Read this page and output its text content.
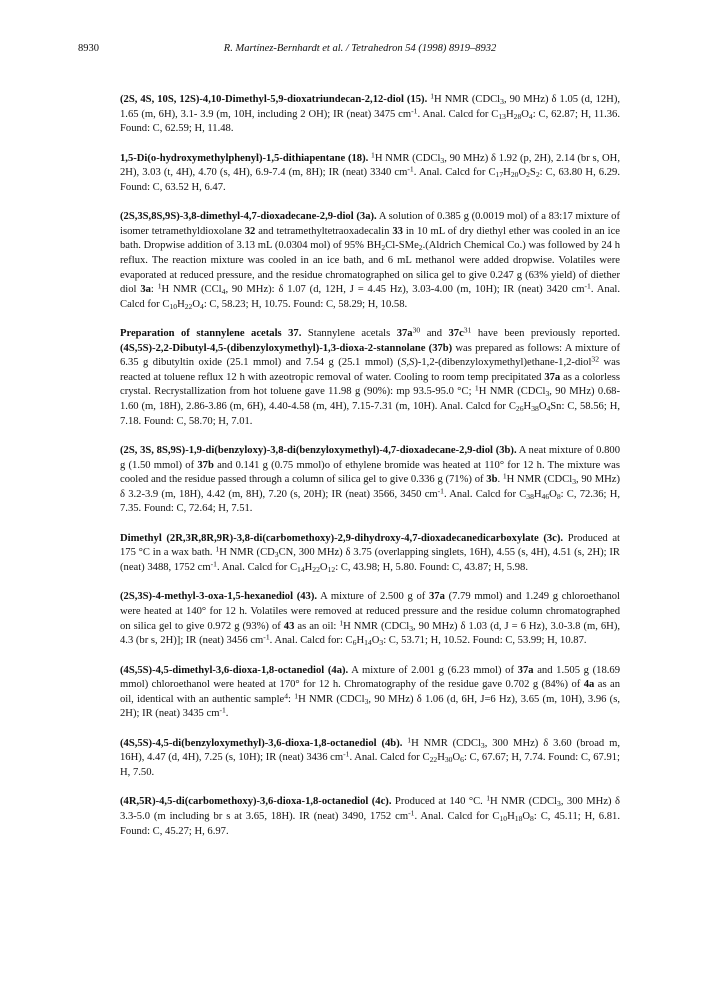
8930	R. Martínez-Bernhardt et al. / Tetrahedron 54 (1998) 8919–8932

(2S, 4S, 10S, 12S)-4,10-Dimethyl-5,9-dioxatriundecan-2,12-diol (15). $^1$H NMR (CDCl$_3$, 90 MHz) δ 1.05 (d, 12H), 1.65 (m, 6H), 3.1- 3.9 (m, 10H, including 2 OH); IR (neat) 3475 $cm^{-1}$. Anal. Calcd for $C_{13}H_{28}O_4$: C, 62.87; H, 11.36. Found: C, 62.59; H, 11.48.

1,5-Di(o-hydroxymethylphenyl)-1,5-dithiapentane (18). $^1$H NMR (CDCl$_3$, 90 MHz) δ 1.92 (p, 2H), 2.14 (br s, OH, 2H), 3.03 (t, 4H), 4.70 (s, 4H), 6.9-7.4 (m, 8H); IR (neat) 3340 $cm^{-1}$. Anal. Calcd for $C_{17}H_{20}O_2S_2$: C, 63.80 H, 6.29. Found: C, 63.52 H, 6.47.

(2S,3S,8S,9S)-3,8-dimethyl-4,7-dioxadecane-2,9-diol (3a). A solution of 0.385 g (0.0019 mol) of a 83:17 mixture of isomer tetramethyldioxolane 32 and tetramethyltetraoxadecalin 33 in 10 mL of dry diethyl ether was cooled in an ice bath. Dropwise addition of 3.13 mL (0.0304 mol) of 95% $BH_2Cl-SMe_2.(Aldrich$ Chemical Co.) was followed by 24 h reflux. The reaction mixture was cooled in an ice bath, and 6 mL methanol were added dropwise. Volatiles were evaporated at reduced pressure, and the residue chromatographed on silica gel to give 0.247 g (63% yield) of diether diol 3a: $^1$H NMR (CCl$_4$, 90 MHz): δ 1.07 (d, 12H, J = 4.45 Hz), 3.03-4.00 (m, 10H); IR (neat) 3420 $cm^{-1}$. Anal. Calcd for $C_{10}H_{22}O_4$: C, 58.23; H, 10.75. Found: C, 58.29; H, 10.58.

Preparation of stannylene acetals 37. Stannylene acetals $37a^{30}$ and $37c^{31}$ have been previously reported. (4S,5S)-2,2-Dibutyl-4,5-(dibenzyloxymethyl)-1,3-dioxa-2-stannolane (37b) was prepared as follows: A mixture of 6.35 g dibutyltin oxide (25.1 mmol) and 7.54 g (25.1 mmol) (S,S)-1,2-(dibenzyloxymethyl)ethane-1,2-diol$^{32}$ was reacted at toluene reflux 12 h with azeotropic removal of water. Cooling to room temp precipitated 37a as a colorless crystal. Recrystallization from hot toluene gave 11.98 g (90%): mp 93.5-95.0 °C; $^1$H NMR (CDCl$_3$, 90 MHz) 0.68-1.60 (m, 18H), 2.86-3.86 (m, 6H), 4.40-4.58 (m, 4H), 7.15-7.31 (m, 10H). Anal. Calcd for $C_{26}H_{38}O_4Sn$: C, 58.56; H, 7.18. Found: C, 58.70; H, 7.01.

(2S, 3S, 8S,9S)-1,9-di(benzyloxy)-3,8-di(benzyloxymethyl)-4,7-dioxadecane-2,9-diol (3b). A neat mixture of 0.800 g (1.50 mmol) of 37b and 0.141 g (0.75 mmol)o of ethylene bromide was heated at 110° for 12 h. The mixture was cooled and the residue passed through a column of silica gel to give 0.336 g (71%) of 3b. $^1$H NMR (CDCl$_3$, 90 MHz) δ 3.2-3.9 (m, 18H), 4.42 (m, 8H), 7.20 (s, 20H); IR (neat) 3566, 3450 $cm^{-1}$. Anal. Calcd for $C_{38}H_{46}O_8$: C, 72.36; H, 7.35. Found: C, 72.64; H, 7.51.

Dimethyl (2R,3R,8R,9R)-3,8-di(carbomethoxy)-2,9-dihydroxy-4,7-dioxadecanedicarboxylate (3c). Produced at 175 °C in a wax bath. $^1$H NMR ($CD_3CN$, 300 MHz) δ 3.75 (overlapping singlets, 16H), 4.55 (s, 4H), 4.51 (s, 2H); IR (neat) 3488, 1752 $cm^{-1}$. Anal. Calcd for $C_{14}H_{22}O_{12}$: C, 43.98; H, 5.80. Found: C, 43.87; H, 5.98.

(2S,3S)-4-methyl-3-oxa-1,5-hexanediol (43). A mixture of 2.500 g of 37a (7.79 mmol) and 1.249 g chloroethanol were heated at 140° for 12 h. Volatiles were removed at reduced pressure and the residue column chromatographed on silica gel to give 0.972 g (93%) of 43 as an oil: $^1$H NMR (CDCl$_3$, 90 MHz) δ 1.03 (d, J = 6 Hz), 3.0-3.8 (m, 6H), 4.3 (br s, 2H)]; IR (neat) 3456 $cm^{-1}$. Anal. Calcd for: $C_6H_{14}O_3$: C, 53.71; H, 10.52. Found: C, 53.99; H, 10.87.

(4S,5S)-4,5-dimethyl-3,6-dioxa-1,8-octanediol (4a). A mixture of 2.001 g (6.23 mmol) of 37a and 1.505 g (18.69 mmol) chloroethanol were heated at 170° for 12 h. Chromatography of the residue gave 0.702 g (84%) of 4a as an oil, identical with an authentic sample$^4$: $^1$H NMR (CDCl$_3$, 90 MHz) δ 1.06 (d, 6H, J=6 Hz), 3.65 (m, 10H), 3.96 (s, 2H); IR (neat) 3435 $cm^{-1}$.

(4S,5S)-4,5-di(benzyloxymethyl)-3,6-dioxa-1,8-octanediol (4b). $^1$H NMR (CDCl$_3$, 300 MHz) δ 3.60 (broad m, 16H), 4.47 (d, 4H), 7.25 (s, 10H); IR (neat) 3436 $cm^{-1}$. Anal. Calcd for $C_{22}H_{30}O_6$: C, 67.67; H, 7.74. Found: C, 67.91; H, 7.50.

(4R,5R)-4,5-di(carbomethoxy)-3,6-dioxa-1,8-octanediol (4c). Produced at 140 °C. $^1$H NMR (CDCl$_3$, 300 MHz) δ 3.3-5.0 (m including br s at 3.65, 18H). IR (neat) 3490, 1752 $cm^{-1}$. Anal. Calcd for $C_{10}H_{18}O_8$: C, 45.11; H, 6.81. Found: C, 45.27; H, 6.97.
